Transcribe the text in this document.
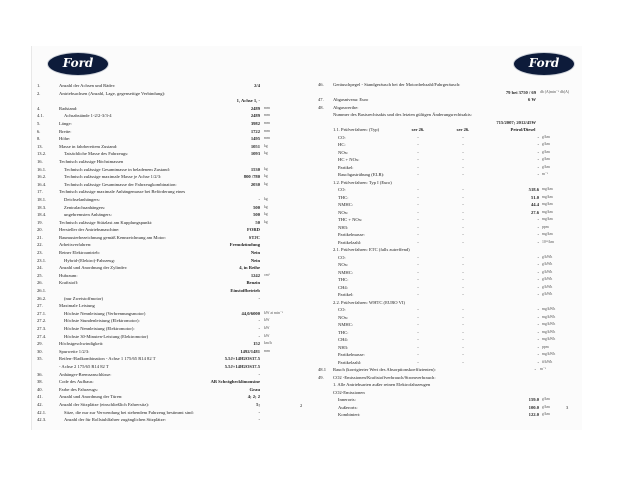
Ford
1.	Anzahl der Achsen und Räder:	2/4
2.	Antriebsachsen (Anzahl, Lage, gegenseitige Verbindung):
1, Achse 1, -
4.	Radstand:	2489 mm
4.1.	Achsabstände 1-2/2-3/3-4	2489 mm
5.	Länge:	3982 mm
6.	Breite:	1722 mm
8.	Höhe:	1495 mm
13.	Masse in fahrbereitem Zustand:	1051 kg
13.2.	Tatsächliche Masse des Fahrzeugs:	1093 kg
16.	Technisch zulässige Höchstmassen
16.1.	Technisch zulässige Gesamtmasse in beladenem Zustand:	1530 kg
16.2.	Technisch zulässige maximale Masse je Achse 1/2/3:	800 /780 kg
16.4.	Technisch zulässige Gesamtmasse der Fahrzeugkombination:	2030 kg
17.	Technisch zulässige maximale Anhängemasse bei Beförderung eines
18.1.	Deichselanhängers:	- kg
18.3.	Zentralachsanhängers:	500 kg
18.4.	ungebremsten Anhängers:	500 kg
19.	Technisch zulässige Stützlast am Kupplungspunkt:	50 kg
20.	Hersteller der Antriebsmaschine:	FORD
21.	Baumusterbezeichnung gemäß Kennzeichnung am Motor:	STJC
22.	Arbeitsverfahren:	Fremdzündung
23.	Reiner Elektroantrieb:	Nein
23.1.	Hybrid-(Elektro)-Fahrzeug:	Nein
24.	Anzahl und Anordnung der Zylinder:	4, in Reihe
25.	Hubraum:	1242 cm³
26.	Kraftstoff:	Benzin
26.1.	Einstoffbetrieb
26.2.	(nur Zweistoffmotor)	-
27.	Maximale Leistung
27.1.	Höchste Nennleistung (Verbrennungsmotor)	44,0/6000 kW at min⁻¹
27.2.	Höchste Stundenleistung (Elektromotor):	- kW
27.3.	Höchste Nennleistung (Elektromotor):	- kW
27.4.	Höchste 30-Minuten-Leistung (Elektromotor)	- kW
29.	Höchstgeschwindigkeit:	152 km/h
30.	Spurweite 1/2/3:	1492/1481 mm
35.	Reifen-/Radkombination - Achse 1 175/65 R14 82 T	5.5J×14H2OS37.5
- Achse 2 175/65 R14 82 T	5.5J×14H2OS37.5
36.	Anhänger-Bremsanschlüsse:	-
38.	Code des Aufbaus:	AB Schräghecklimousine
40.	Farbe des Fahrzeugs:	Grau
41.	Anzahl und Anordnung der Türen:	4; 2; 2
42.	Anzahl der Sitzplätze (einschließlich Fahrersitz):	5;
42.1.	Sitze, die nur zur Verwendung bei stehendem Fahrzeug bestimmt sind:	-
42.3.	Anzahl der für Rollstuhlfahrer zugänglichen Sitzplätze:	-
2
Ford
46. Geräuschpegel - Standgeräusch bei der Motordrehzahl/Fahrgeräusch:
79 bei 3750 / 69 db (A)min⁻¹ db(A)
47. Abgasniveau: Euro	6 W
48. Abgaswerthe:
Nummer des Basisrechtsakts und des letzten gültigen Änderungsrechtsakts:
715/2007; 2012/45W
1.1. Prüfverfahren: (Typ)	ser 26.	ser 26.	Petrol/Diesel
CO:	-	-	- g/km
HC:	-	-	- g/km
NOx:	-	-	- g/km
HC + NOx:	-	-	- g/km
Partikel:	-	-	- g/km
Rauchgastrübung (ELR):	-	-	- m⁻¹
1.2. Prüfverfahren: Typ I (Euro)
CO:	-	-	518.6 mg/km
THC:	-	-	51.0 mg/km
NMHC:	-	-	44.4 mg/km
NOx:	-	-	27.6 mg/km
THC + NOx:	-	-	- mg/km
NH3:	-	-	- ppm
Partikelmasse:	-	-	- mg/km
Partikelzahl:	-	-	- 10¹¹/km
2.1. Prüfverfahren: ETC (falls zutreffend)
CO:	-	-	- g/kWh
NOx:	-	-	- g/kWh
NMHC:	-	-	- g/kWh
THC:	-	-	- g/kWh
CH4:	-	-	- g/kWh
Partikel:	-	-	- g/kWh
2.2. Prüfverfahren: WHTC (EURO VI)
CO:	-	-	- mg/kWh
NOx:	-	-	- mg/kWh
NMHC:	-	-	- mg/kWh
THC:	-	-	- mg/kWh
CH4:	-	-	- mg/kWh
NH3:	-	-	- ppm
Partikelmasse:	-	-	- mg/kWh
Partikelzahl:	-	-	- #/kWh
48.1 Rauch (korrigierter Wert des Absorptionskoeffizienten):	- m⁻¹
49. CO2 -Emissionen/Kraftstoffverbrauch/Stromverbrauch:
1. Alle Antriebsarten außer reinen Elektrofahrzeugen
CO2-Emissionen
Innerorts:	159.0 g/km
Außerorts:	100.0 g/km
Kombiniert:	122.0 g/km
3
